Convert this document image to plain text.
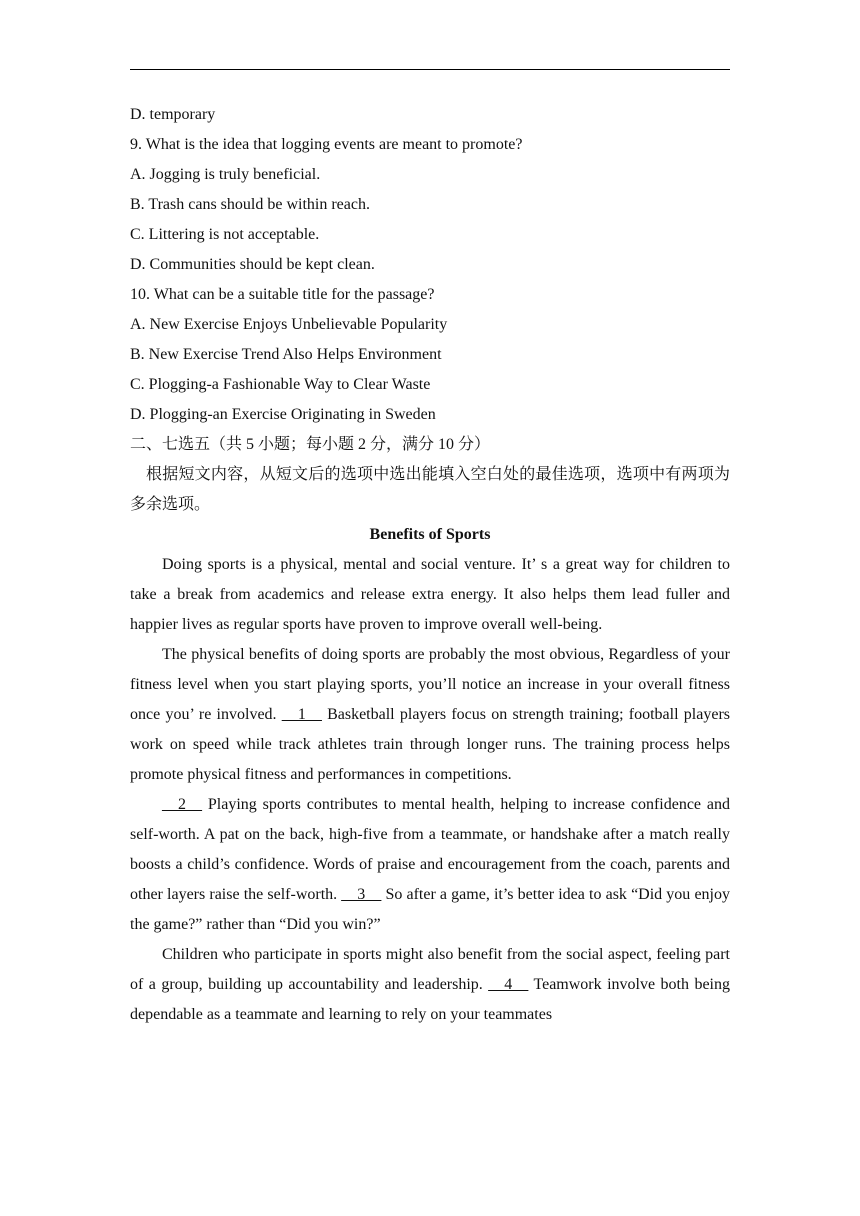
D. temporary
9. What is the idea that logging events are meant to promote?
A. Jogging is truly beneficial.
B. Trash cans should be within reach.
C. Littering is not acceptable.
D. Communities should be kept clean.
10. What can be a suitable title for the passage?
A. New Exercise Enjoys Unbelievable Popularity
B. New Exercise Trend Also Helps Environment
C. Plogging-a Fashionable Way to Clear Waste
D. Plogging-an Exercise Originating in Sweden
二、七选五（共 5 小题；每小题 2 分，满分 10 分）

根据短文内容，从短文后的选项中选出能填入空白处的最佳选项，选项中有两项为多余选项。

Benefits of Sports

Doing sports is a physical, mental and social venture. It’ s a great way for children to take a break from academics and release extra energy. It also helps them lead fuller and happier lives as regular sports have proven to improve overall well-being.

The physical benefits of doing sports are probably the most obvious, Regardless of your fitness level when you start playing sports, you’ll notice an increase in your overall fitness once you’ re involved. __1__ Basketball players focus on strength training; football players work on speed while track athletes train through longer runs. The training process helps promote physical fitness and performances in competitions.

__2__ Playing sports contributes to mental health, helping to increase confidence and self-worth. A pat on the back, high-five from a teammate, or handshake after a match really boosts a child’s confidence. Words of praise and encouragement from the coach, parents and other layers raise the self-worth. __3__ So after a game, it’s better idea to ask “Did you enjoy the game?” rather than “Did you win?”

Children who participate in sports might also benefit from the social aspect, feeling part of a group, building up accountability and leadership. __4__ Teamwork involve both being dependable as a teammate and learning to rely on your teammates
